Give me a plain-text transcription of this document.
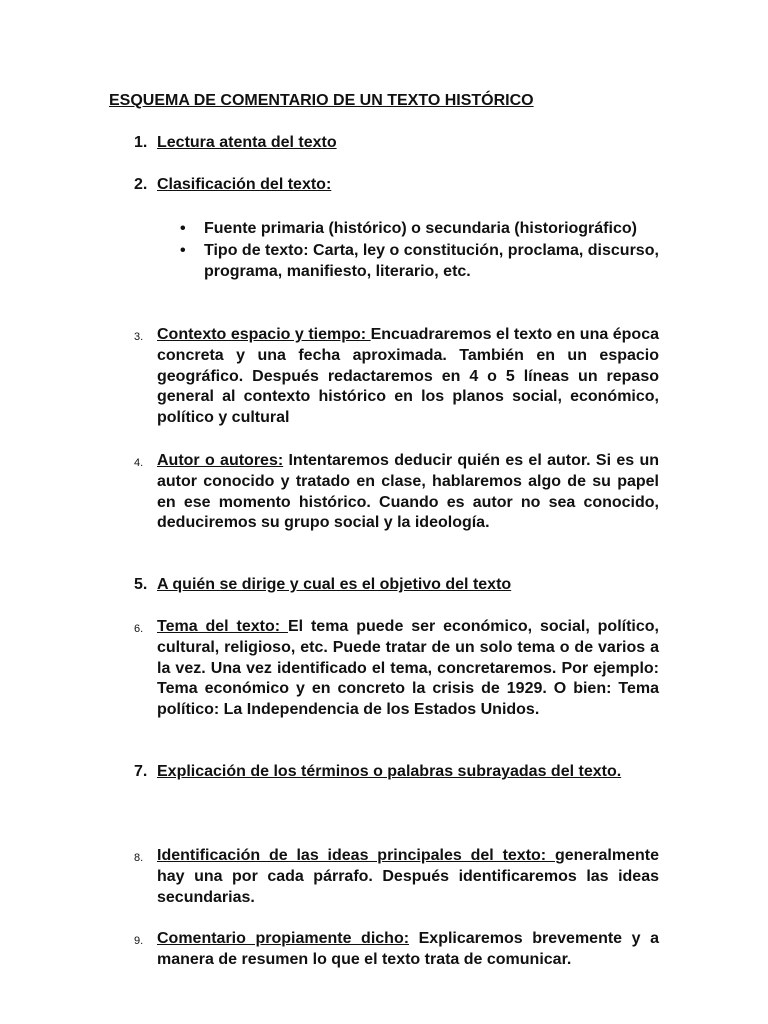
ESQUEMA DE COMENTARIO DE UN TEXTO HISTÓRICO
1. Lectura atenta del texto
2. Clasificación del texto:
• Fuente primaria (histórico) o secundaria (historiográfico)
• Tipo de texto: Carta, ley o constitución, proclama, discurso, programa, manifiesto, literario, etc.
3. Contexto espacio y tiempo: Encuadraremos el texto en una época concreta y una fecha aproximada. También en un espacio geográfico. Después redactaremos en 4 o 5 líneas un repaso general al contexto histórico en los planos social, económico, político y cultural
4. Autor o autores: Intentaremos deducir quién es el autor. Si es un autor conocido y tratado en clase, hablaremos algo de su papel en ese momento histórico. Cuando es autor no sea conocido, deduciremos su grupo social y la ideología.
5. A quién se dirige y cual es el objetivo del texto
6. Tema del texto: El tema puede ser económico, social, político, cultural, religioso, etc. Puede tratar de un solo tema o de varios a la vez. Una vez identificado el tema, concretaremos. Por ejemplo: Tema económico y en concreto la crisis de 1929. O bien: Tema político: La Independencia de los Estados Unidos.
7. Explicación de los términos o palabras subrayadas del texto.
8. Identificación de las ideas principales del texto: generalmente hay una por cada párrafo. Después identificaremos las ideas secundarias.
9. Comentario propiamente dicho: Explicaremos brevemente y a manera de resumen lo que el texto trata de comunicar.
